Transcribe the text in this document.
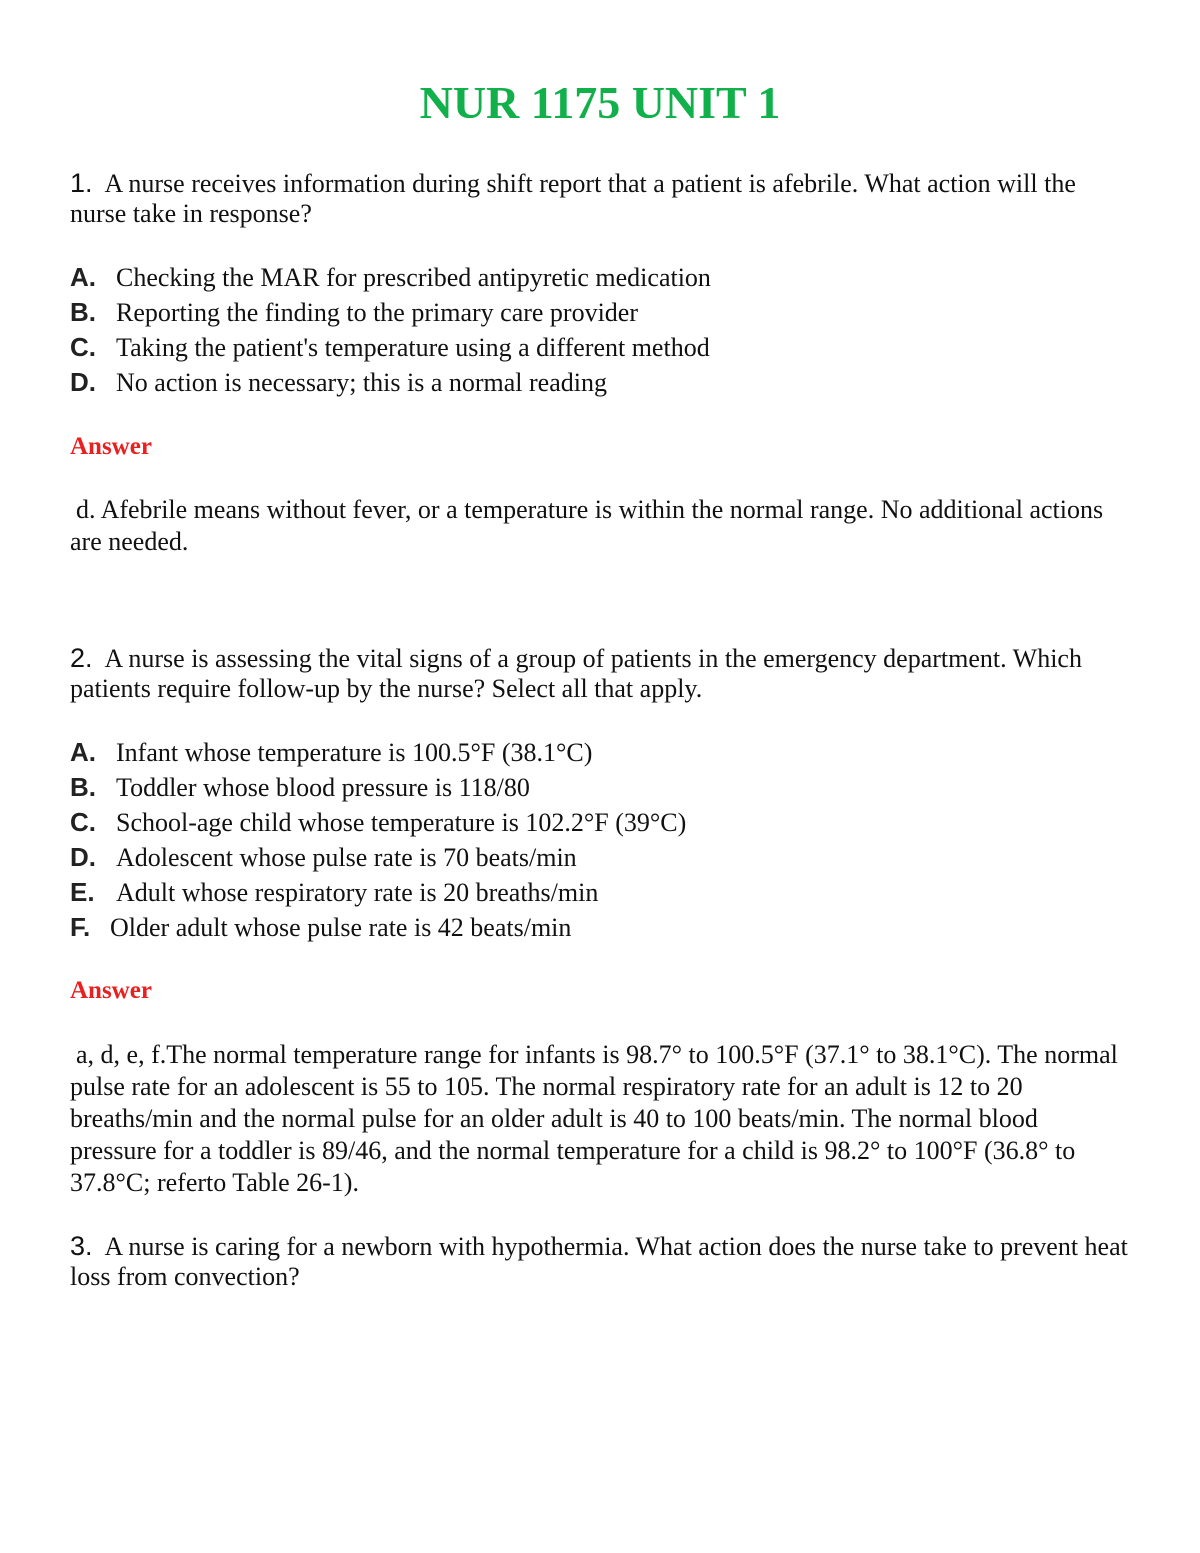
NUR 1175 UNIT 1
1. A nurse receives information during shift report that a patient is afebrile. What action will the nurse take in response?
A. Checking the MAR for prescribed antipyretic medication
B. Reporting the finding to the primary care provider
C. Taking the patient's temperature using a different method
D. No action is necessary; this is a normal reading
Answer
d. Afebrile means without fever, or a temperature is within the normal range. No additional actions are needed.
2. A nurse is assessing the vital signs of a group of patients in the emergency department. Which patients require follow-up by the nurse? Select all that apply.
A. Infant whose temperature is 100.5°F (38.1°C)
B. Toddler whose blood pressure is 118/80
C. School-age child whose temperature is 102.2°F (39°C)
D. Adolescent whose pulse rate is 70 beats/min
E. Adult whose respiratory rate is 20 breaths/min
F. Older adult whose pulse rate is 42 beats/min
Answer
a, d, e, f.The normal temperature range for infants is 98.7° to 100.5°F (37.1° to 38.1°C). The normal pulse rate for an adolescent is 55 to 105. The normal respiratory rate for an adult is 12 to 20 breaths/min and the normal pulse for an older adult is 40 to 100 beats/min. The normal blood pressure for a toddler is 89/46, and the normal temperature for a child is 98.2° to 100°F (36.8° to 37.8°C; referto Table 26-1).
3. A nurse is caring for a newborn with hypothermia. What action does the nurse take to prevent heat loss from convection?
